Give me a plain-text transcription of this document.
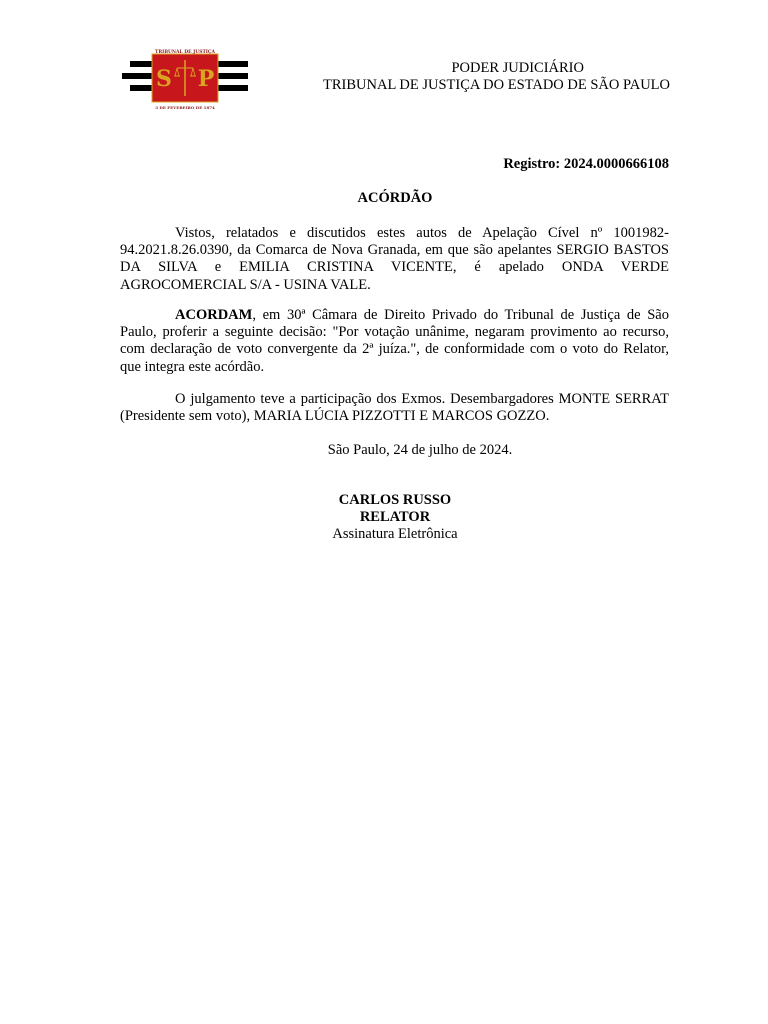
TRIBUNAL DE JUSTIÇA
3 DE FEVEREIRO DE 1874
S P	PODER JUDICIÁRIO
TRIBUNAL DE JUSTIÇA DO ESTADO DE SÃO PAULO
Registro: 2024.0000666108
ACÓRDÃO

Vistos, relatados e discutidos estes autos de Apelação Cível nº 1001982-94.2021.8.26.0390, da Comarca de Nova Granada, em que são apelantes SERGIO BASTOS DA SILVA e EMILIA CRISTINA VICENTE, é apelado ONDA VERDE AGROCOMERCIAL S/A - USINA VALE.

ACORDAM, em 30ª Câmara de Direito Privado do Tribunal de Justiça de São Paulo, proferir a seguinte decisão: "Por votação unânime, negaram provimento ao recurso, com declaração de voto convergente da 2ª juíza.", de conformidade com o voto do Relator, que integra este acórdão.

O julgamento teve a participação dos Exmos. Desembargadores MONTE SERRAT (Presidente sem voto), MARIA LÚCIA PIZZOTTI E MARCOS GOZZO.

São Paulo, 24 de julho de 2024.
CARLOS RUSSO
RELATOR
Assinatura Eletrônica
